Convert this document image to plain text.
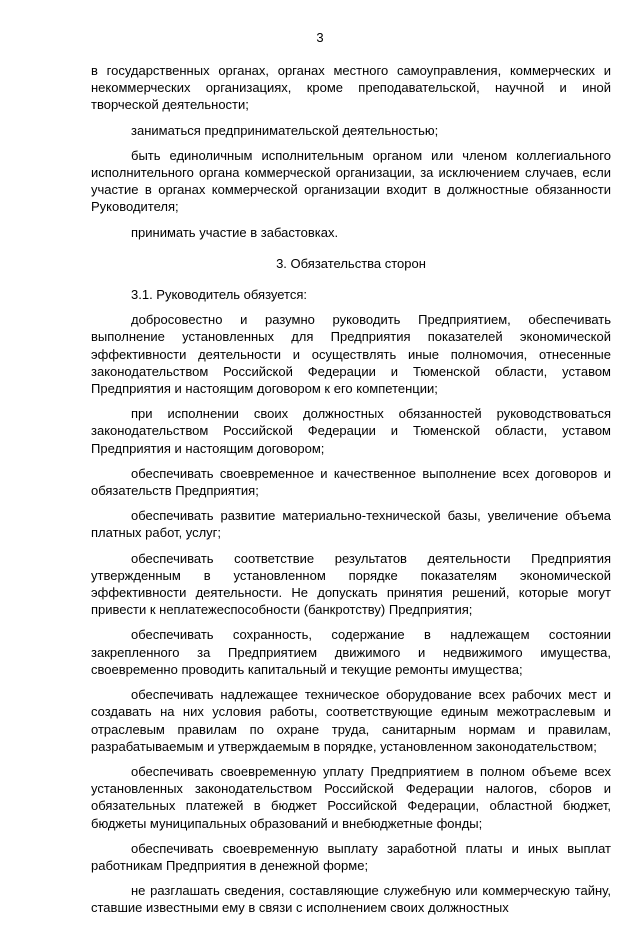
3

в государственных органах, органах местного самоуправления, коммерческих и некоммерческих организациях, кроме преподавательской, научной и иной творческой деятельности;

заниматься предпринимательской деятельностью;

быть единоличным исполнительным органом или членом коллегиального исполнительного органа коммерческой организации, за исключением случаев, если участие в органах коммерческой организации входит в должностные обязанности Руководителя;

принимать участие в забастовках.

3. Обязательства сторон

3.1. Руководитель обязуется:

добросовестно и разумно руководить Предприятием, обеспечивать выполнение установленных для Предприятия показателей экономической эффективности деятельности и осуществлять иные полномочия, отнесенные законодательством Российской Федерации и Тюменской области, уставом Предприятия и настоящим договором к его компетенции;

при исполнении своих должностных обязанностей руководствоваться законодательством Российской Федерации и Тюменской области, уставом Предприятия и настоящим договором;

обеспечивать своевременное и качественное выполнение всех договоров и обязательств Предприятия;

обеспечивать развитие материально-технической базы, увеличение объема платных работ, услуг;

обеспечивать соответствие результатов деятельности Предприятия утвержденным в установленном порядке показателям экономической эффективности деятельности. Не допускать принятия решений, которые могут привести к неплатежеспособности (банкротству) Предприятия;

обеспечивать сохранность, содержание в надлежащем состоянии закрепленного за Предприятием движимого и недвижимого имущества, своевременно проводить капитальный и текущие ремонты имущества;

обеспечивать надлежащее техническое оборудование всех рабочих мест и создавать на них условия работы, соответствующие единым межотраслевым и отраслевым правилам по охране труда, санитарным нормам и правилам, разрабатываемым и утверждаемым в порядке, установленном законодательством;

обеспечивать своевременную уплату Предприятием в полном объеме всех установленных законодательством Российской Федерации налогов, сборов и обязательных платежей в бюджет Российской Федерации, областной бюджет, бюджеты муниципальных образований и внебюджетные фонды;

обеспечивать своевременную выплату заработной платы и иных выплат работникам Предприятия в денежной форме;

не разглашать сведения, составляющие служебную или коммерческую тайну, ставшие известными ему в связи с исполнением своих должностных
